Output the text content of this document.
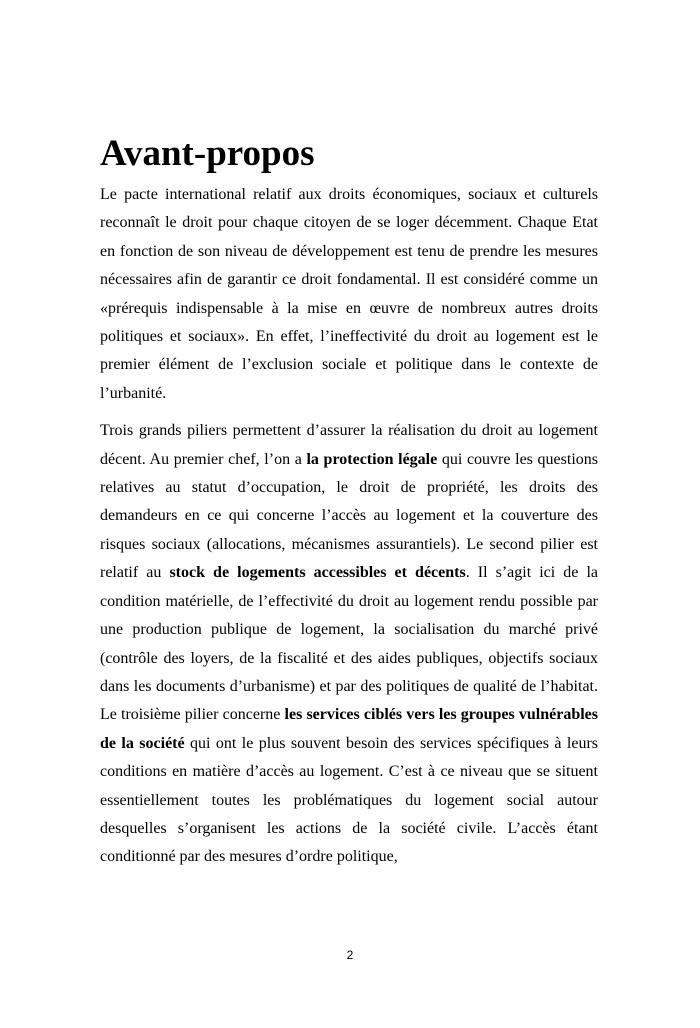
Avant-propos

Le pacte international relatif aux droits économiques, sociaux et culturels reconnaît le droit pour chaque citoyen de se loger décemment. Chaque Etat en fonction de son niveau de développement est tenu de prendre les mesures nécessaires afin de garantir ce droit fondamental. Il est considéré comme un «prérequis indispensable à la mise en œuvre de nombreux autres droits politiques et sociaux». En effet, l’ineffectivité du droit au logement est le premier élément de l’exclusion sociale et politique dans le contexte de l’urbanité.

Trois grands piliers permettent d’assurer la réalisation du droit au logement décent. Au premier chef, l’on a la protection légale qui couvre les questions relatives au statut d’occupation, le droit de propriété, les droits des demandeurs en ce qui concerne l’accès au logement et la couverture des risques sociaux (allocations, mécanismes assurantiels). Le second pilier est relatif au stock de logements accessibles et décents. Il s’agit ici de la condition matérielle, de l’effectivité du droit au logement rendu possible par une production publique de logement, la socialisation du marché privé (contrôle des loyers, de la fiscalité et des aides publiques, objectifs sociaux dans les documents d’urbanisme) et par des politiques de qualité de l’habitat. Le troisième pilier concerne les services ciblés vers les groupes vulnérables de la société qui ont le plus souvent besoin des services spécifiques à leurs conditions en matière d’accès au logement. C’est à ce niveau que se situent essentiellement toutes les problématiques du logement social autour desquelles s’organisent les actions de la société civile. L’accès étant conditionné par des mesures d’ordre politique,

2
